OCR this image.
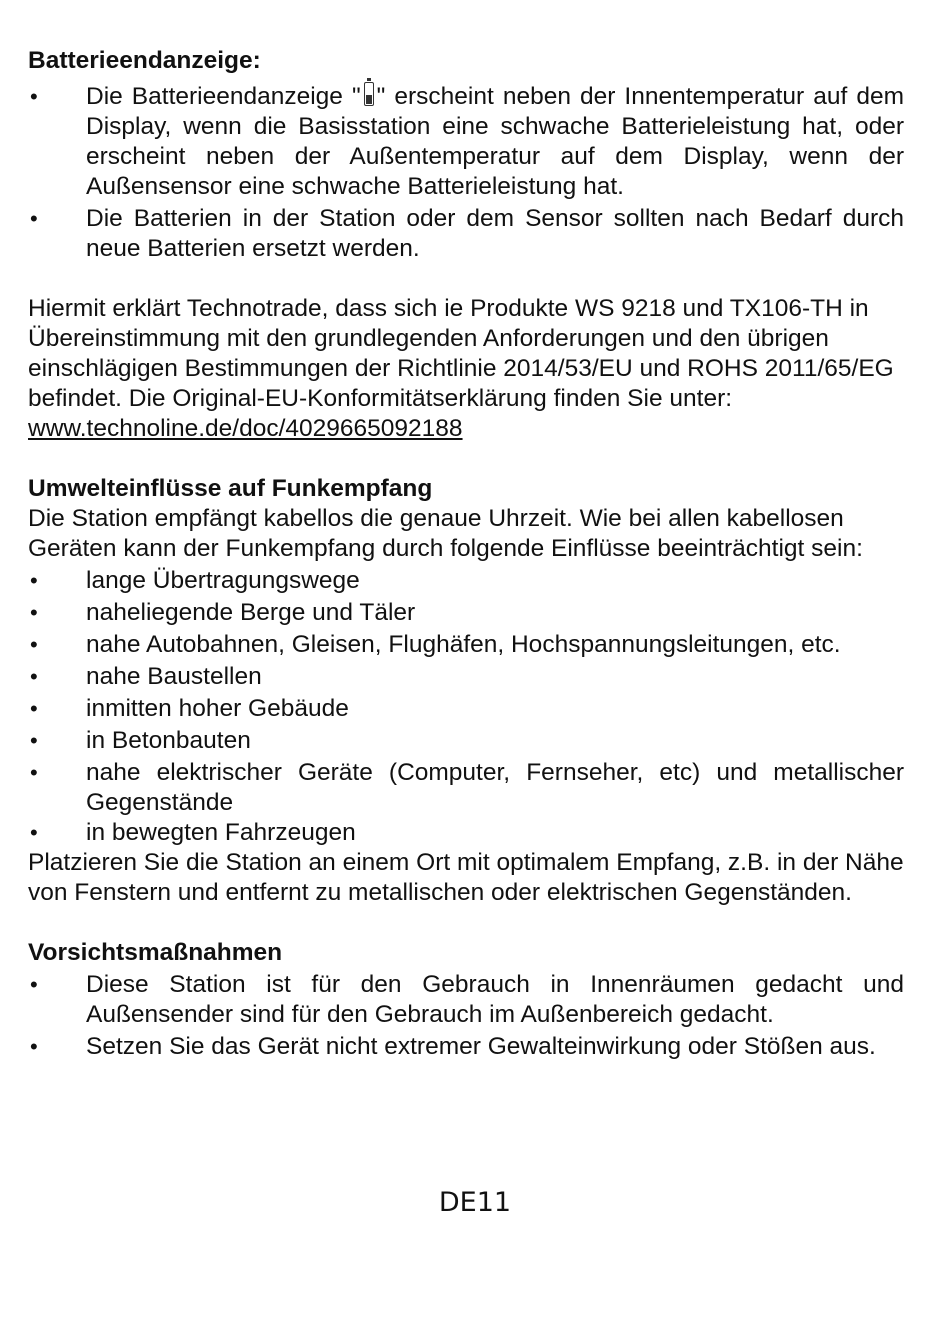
Batterieendanzeige:
• Die Batterieendanzeige " " erscheint neben der Innentemperatur auf dem Display, wenn die Basisstation eine schwache Batterieleistung hat, oder erscheint neben der Außentemperatur auf dem Display, wenn der Außensensor eine schwache Batterieleistung hat.
• Die Batterien in der Station oder dem Sensor sollten nach Bedarf durch neue Batterien ersetzt werden.

Hiermit erklärt Technotrade, dass sich ie Produkte WS 9218 und TX106-TH in Übereinstimmung mit den grundlegenden Anforderungen und den übrigen einschlägigen Bestimmungen der Richtlinie 2014/53/EU und ROHS 2011/65/EG befindet. Die Original-EU-Konformitätserklärung finden Sie unter: www.technoline.de/doc/4029665092188

Umwelteinflüsse auf Funkempfang

Die Station empfängt kabellos die genaue Uhrzeit. Wie bei allen kabellosen Geräten kann der Funkempfang durch folgende Einflüsse beeinträchtigt sein:

• lange Übertragungswege
• naheliegende Berge und Täler
• nahe Autobahnen, Gleisen, Flughäfen, Hochspannungsleitungen, etc.
• nahe Baustellen
• inmitten hoher Gebäude
• in Betonbauten
• nahe elektrischer Geräte (Computer, Fernseher, etc) und metallischer Gegenstände
• in bewegten Fahrzeugen

Platzieren Sie die Station an einem Ort mit optimalem Empfang, z.B. in der Nähe von Fenstern und entfernt zu metallischen oder elektrischen Gegenständen.

Vorsichtsmaßnahmen
• Diese Station ist für den Gebrauch in Innenräumen gedacht und Außensender sind für den Gebrauch im Außenbereich gedacht.
• Setzen Sie das Gerät nicht extremer Gewalteinwirkung oder Stößen aus.
DE11
